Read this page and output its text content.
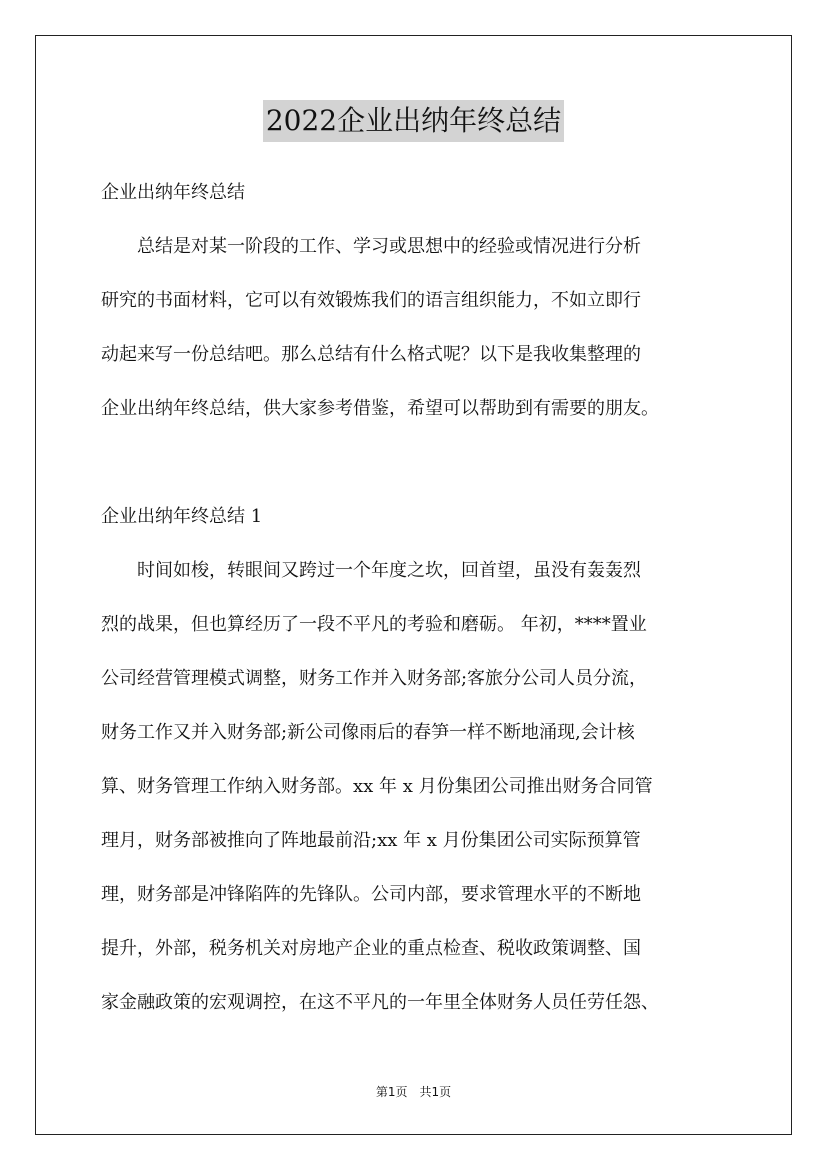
2022企业出纳年终总结
企业出纳年终总结
　　总结是对某一阶段的工作、学习或思想中的经验或情况进行分析
研究的书面材料，它可以有效锻炼我们的语言组织能力，不如立即行
动起来写一份总结吧。那么总结有什么格式呢？以下是我收集整理的
企业出纳年终总结，供大家参考借鉴，希望可以帮助到有需要的朋友。
企业出纳年终总结 1
　　时间如梭，转眼间又跨过一个年度之坎，回首望，虽没有轰轰烈
烈的战果，但也算经历了一段不平凡的考验和磨砺。 年初，****置业
公司经营管理模式调整，财务工作并入财务部;客旅分公司人员分流，
财务工作又并入财务部;新公司像雨后的春笋一样不断地涌现,会计核
算、财务管理工作纳入财务部。xx 年 x 月份集团公司推出财务合同管
理月，财务部被推向了阵地最前沿;xx 年 x 月份集团公司实际预算管
理，财务部是冲锋陷阵的先锋队。公司内部，要求管理水平的不断地
提升，外部，税务机关对房地产企业的重点检查、税收政策调整、国
家金融政策的宏观调控，在这不平凡的一年里全体财务人员任劳任怨、
第1页　共1页
